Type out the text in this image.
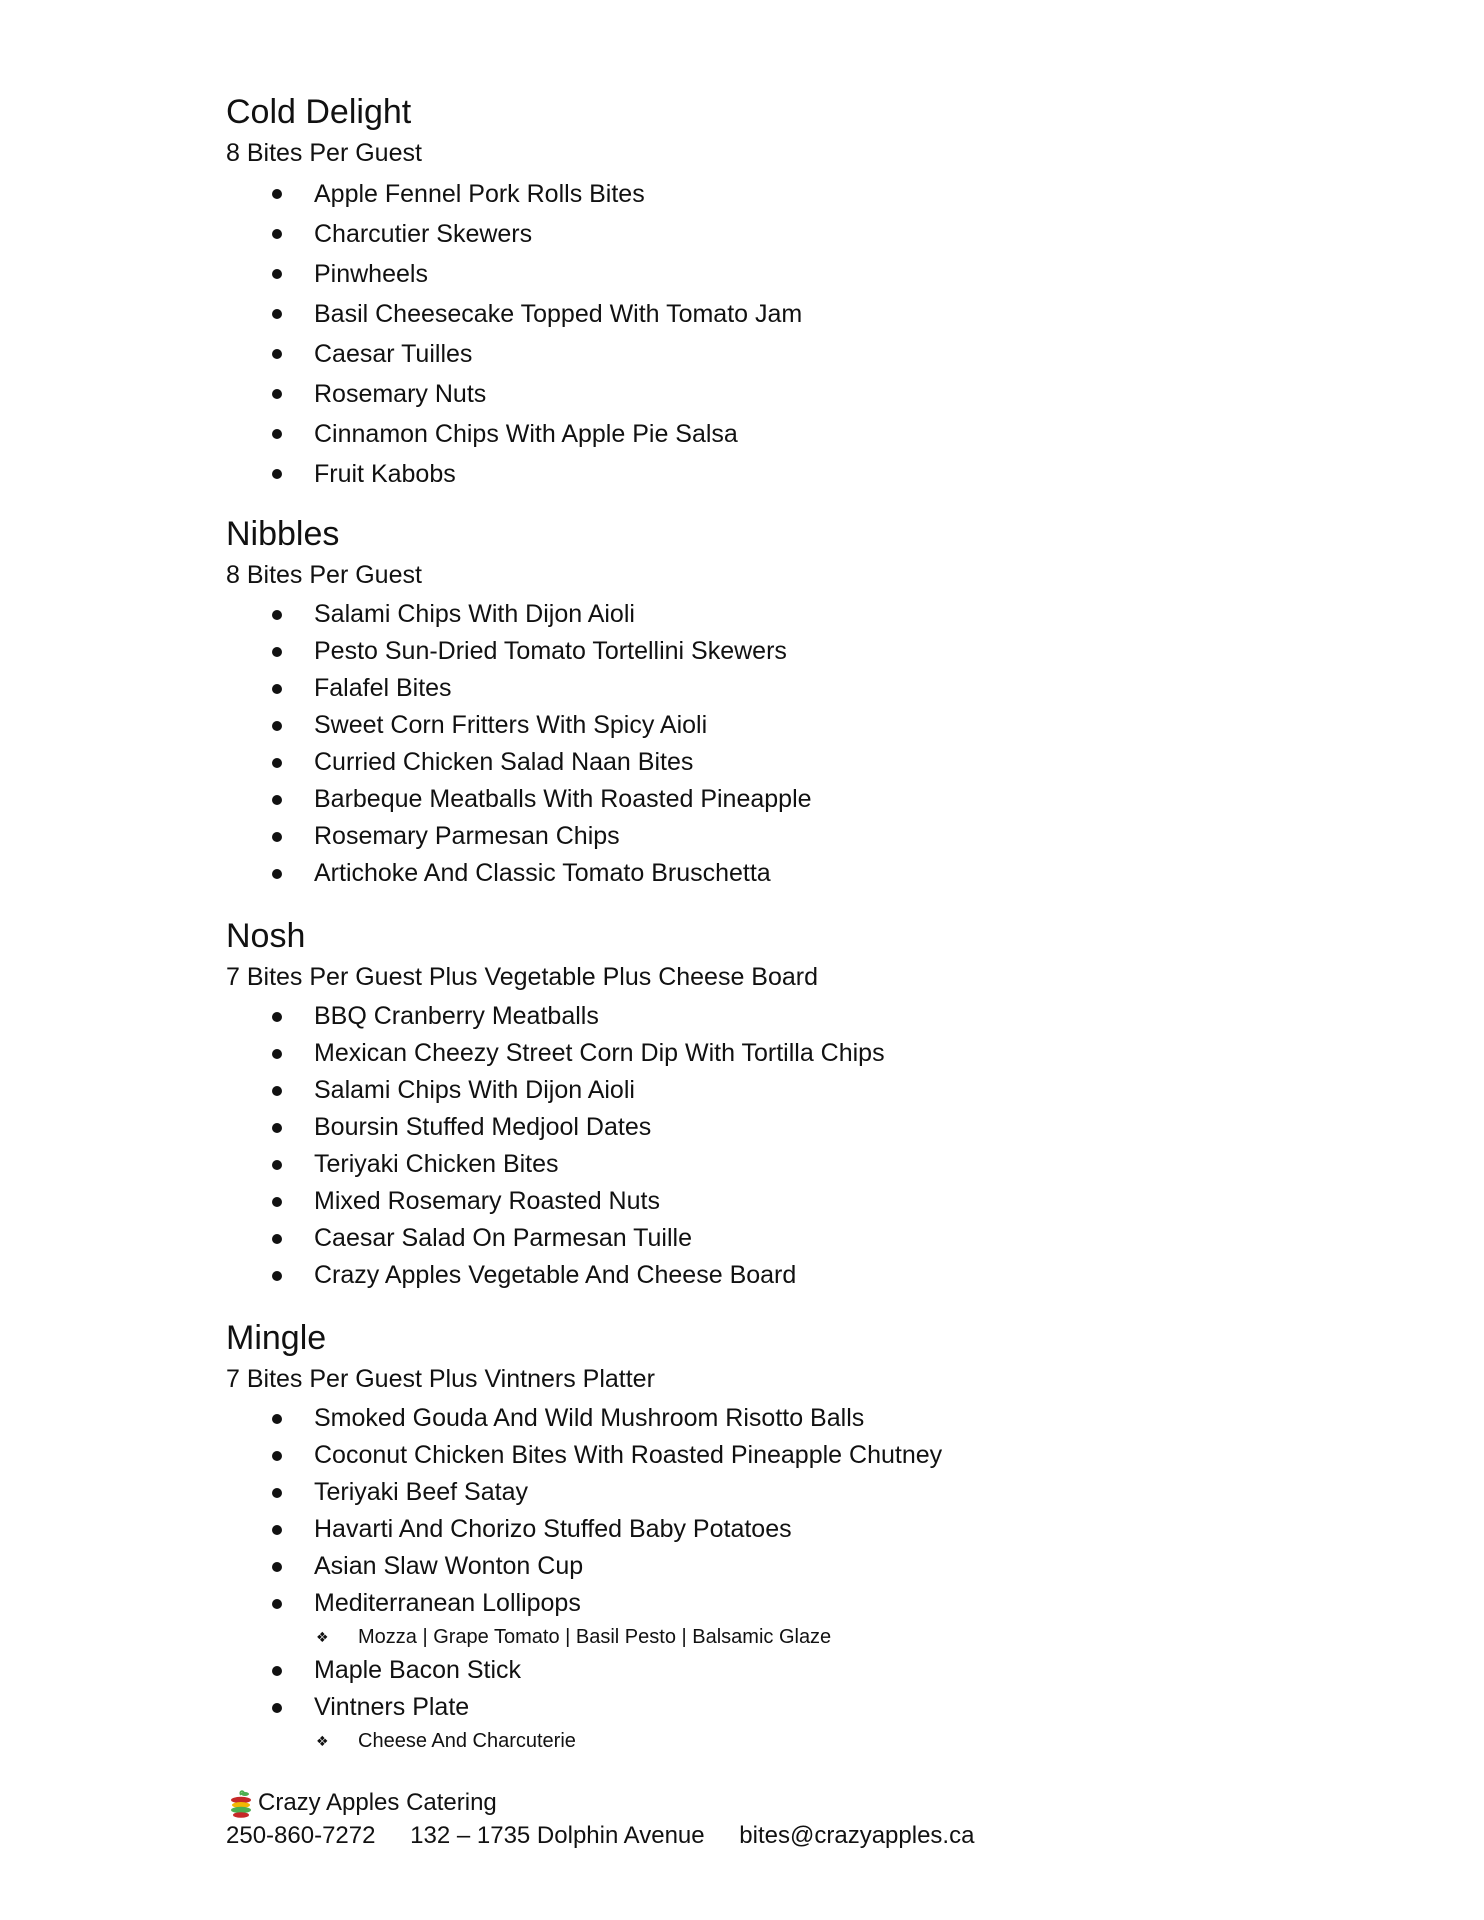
Cold Delight

8 Bites Per Guest

Apple Fennel Pork Rolls Bites
Charcutier Skewers
Pinwheels
Basil Cheesecake Topped With Tomato Jam
Caesar Tuilles
Rosemary Nuts
Cinnamon Chips With Apple Pie Salsa
Fruit Kabobs
Nibbles

8 Bites Per Guest

Salami Chips With Dijon Aioli
Pesto Sun-Dried Tomato Tortellini Skewers
Falafel Bites
Sweet Corn Fritters With Spicy Aioli
Curried Chicken Salad Naan Bites
Barbeque Meatballs With Roasted Pineapple
Rosemary Parmesan Chips
Artichoke And Classic Tomato Bruschetta
Nosh

7 Bites Per Guest Plus Vegetable Plus Cheese Board

BBQ Cranberry Meatballs
Mexican Cheezy Street Corn Dip With Tortilla Chips
Salami Chips With Dijon Aioli
Boursin Stuffed Medjool Dates
Teriyaki Chicken Bites
Mixed Rosemary Roasted Nuts
Caesar Salad On Parmesan Tuille
Crazy Apples Vegetable And Cheese Board
Mingle

7 Bites Per Guest Plus Vintners Platter

Smoked Gouda And Wild Mushroom Risotto Balls
Coconut Chicken Bites With Roasted Pineapple Chutney
Teriyaki Beef Satay
Havarti And Chorizo Stuffed Baby Potatoes
Asian Slaw Wonton Cup
Mediterranean Lollipops
❖ Mozza | Grape Tomato | Basil Pesto | Balsamic Glaze
Maple Bacon Stick
Vintners Plate
❖ Cheese And Charcuterie
Crazy Apples Catering
250-860-7272 132 – 1735 Dolphin Avenue bites@crazyapples.ca
